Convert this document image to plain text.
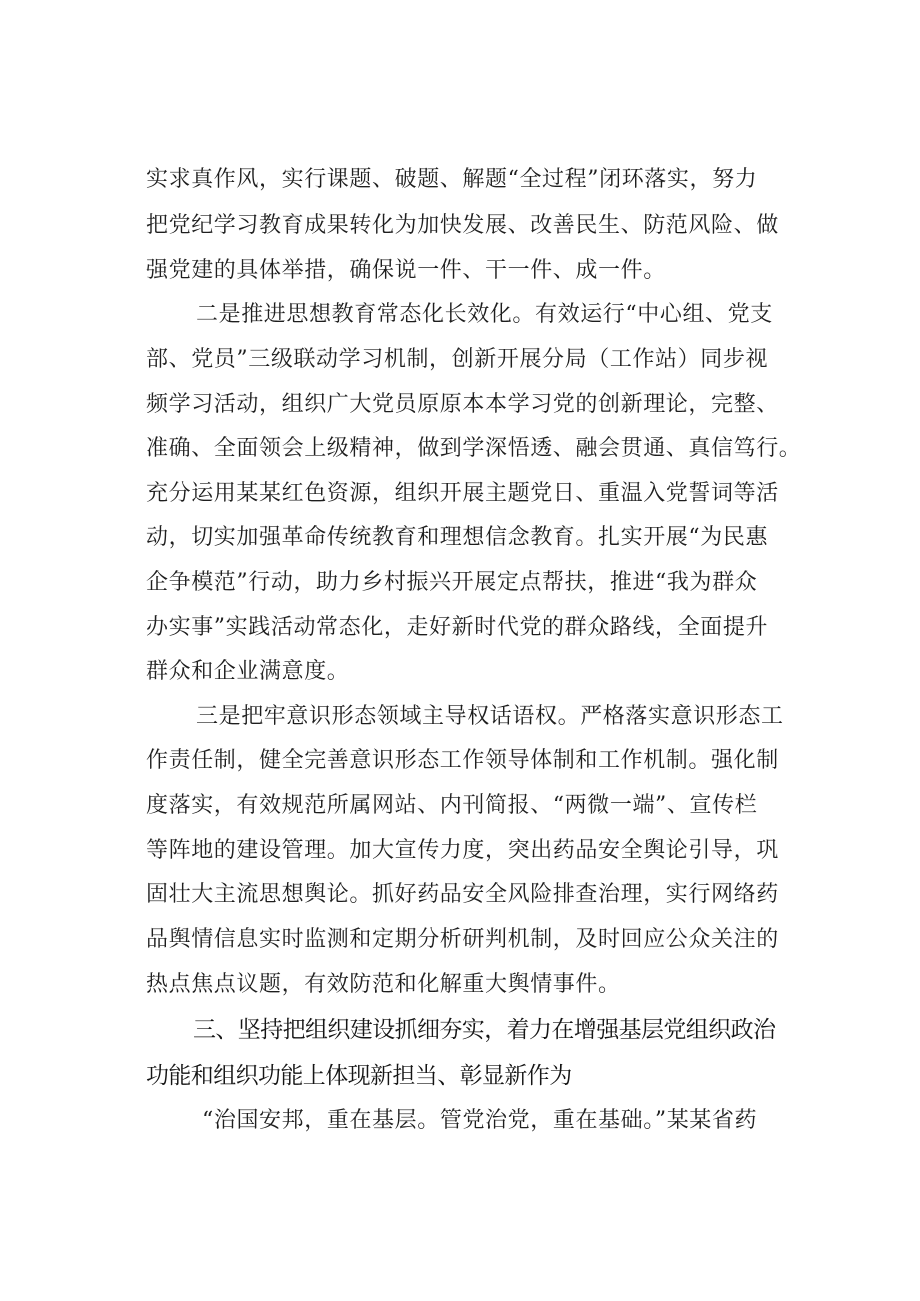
实求真作风，实行课题、破题、解题“全过程”闭环落实，努力
把党纪学习教育成果转化为加快发展、改善民生、防范风险、做
强党建的具体举措，确保说一件、干一件、成一件。
二是推进思想教育常态化长效化。有效运行“中心组、党支
部、党员”三级联动学习机制，创新开展分局（工作站）同步视
频学习活动，组织广大党员原原本本学习党的创新理论，完整、
准确、全面领会上级精神，做到学深悟透、融会贯通、真信笃行。
充分运用某某红色资源，组织开展主题党日、重温入党誓词等活
动，切实加强革命传统教育和理想信念教育。扎实开展“为民惠
企争模范”行动，助力乡村振兴开展定点帮扶，推进“我为群众
办实事”实践活动常态化，走好新时代党的群众路线，全面提升
群众和企业满意度。
三是把牢意识形态领域主导权话语权。严格落实意识形态工
作责任制，健全完善意识形态工作领导体制和工作机制。强化制
度落实，有效规范所属网站、内刊简报、“两微一端”、宣传栏
等阵地的建设管理。加大宣传力度，突出药品安全舆论引导，巩
固壮大主流思想舆论。抓好药品安全风险排查治理，实行网络药
品舆情信息实时监测和定期分析研判机制，及时回应公众关注的
热点焦点议题，有效防范和化解重大舆情事件。
三、坚持把组织建设抓细夯实，着力在增强基层党组织政治
功能和组织功能上体现新担当、彰显新作为
“治国安邦，重在基层。管党治党，重在基础。”某某省药
